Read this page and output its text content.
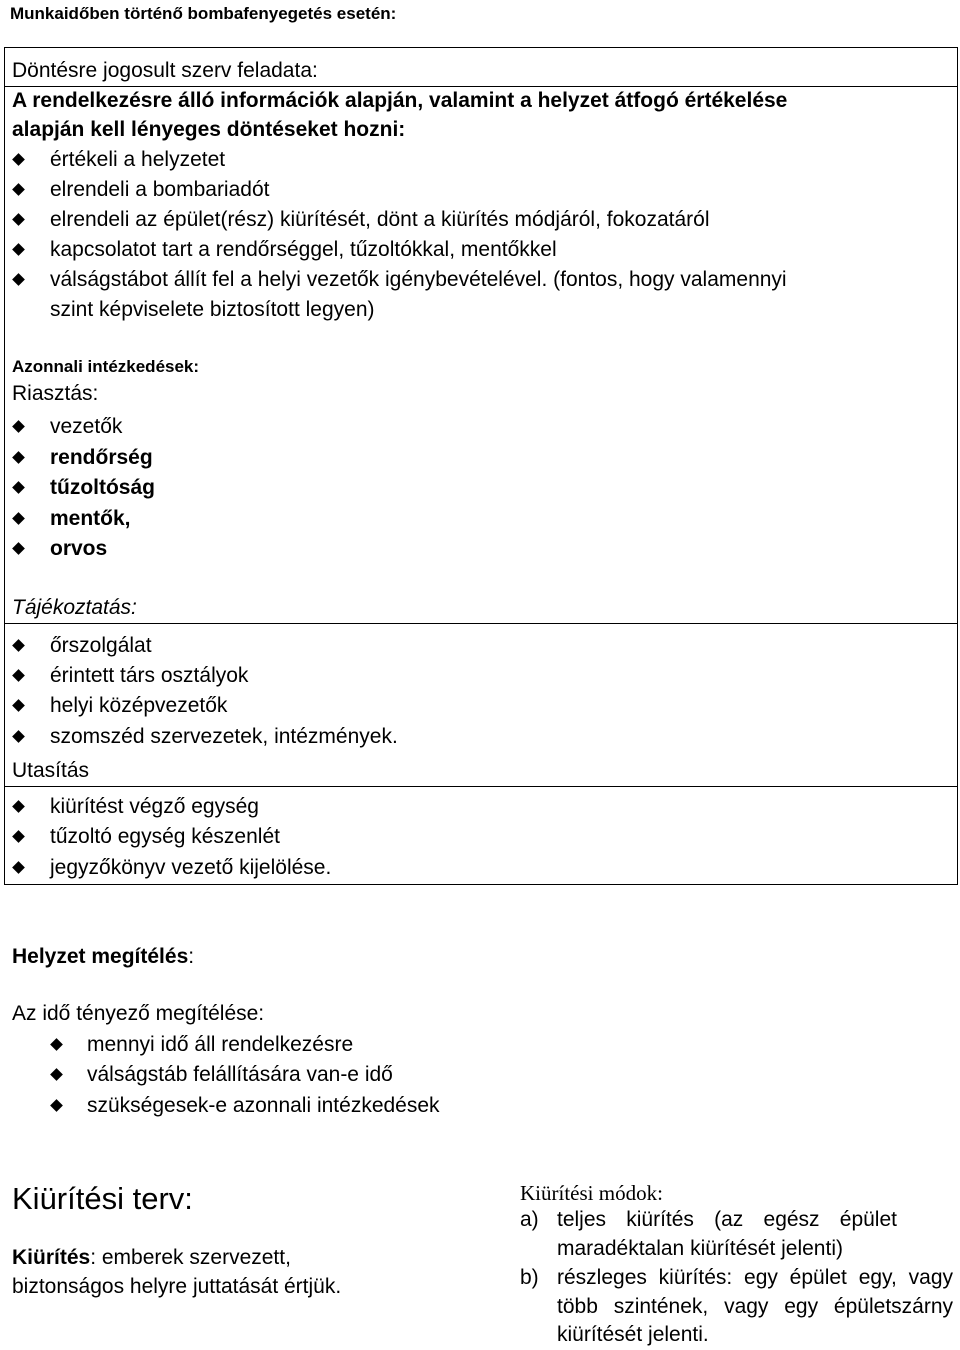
Munkaidőben történő bombafenyegetés esetén:
Döntésre jogosult szerv feladata:
A rendelkezésre álló információk alapján, valamint a helyzet átfogó értékelése
alapján kell lényeges döntéseket hozni:
értékeli a helyzetet
elrendeli a bombariadót
elrendeli az épület(rész) kiürítését, dönt a kiürítés módjáról, fokozatáról
kapcsolatot tart a rendőrséggel, tűzoltókkal, mentőkkel
válságstábot állít fel a helyi vezetők igénybevételével. (fontos, hogy valamennyi
szint képviselete biztosított legyen)
Azonnali intézkedések:
Riasztás:
vezetők
rendőrség
tűzoltóság
mentők,
orvos
Tájékoztatás:
őrszolgálat
érintett társ osztályok
helyi középvezetők
szomszéd szervezetek, intézmények.
Utasítás
kiürítést végző egység
tűzoltó egység készenlét
jegyzőkönyv vezető kijelölése.
Helyzet megítélés:
Az idő tényező megítélése:
mennyi idő áll rendelkezésre
válságstáb felállítására van-e idő
szükségesek-e azonnali intézkedések
Kiürítési terv:
Kiürítés: emberek szervezett,
biztonságos helyre juttatását értjük.
Kiürítési módok:
a) teljes kiürítés (az egész épület maradéktalan kiürítését jelenti)
b) részleges kiürítés: egy épület egy, vagy több szintének, vagy egy épületszárny kiürítését jelenti.
